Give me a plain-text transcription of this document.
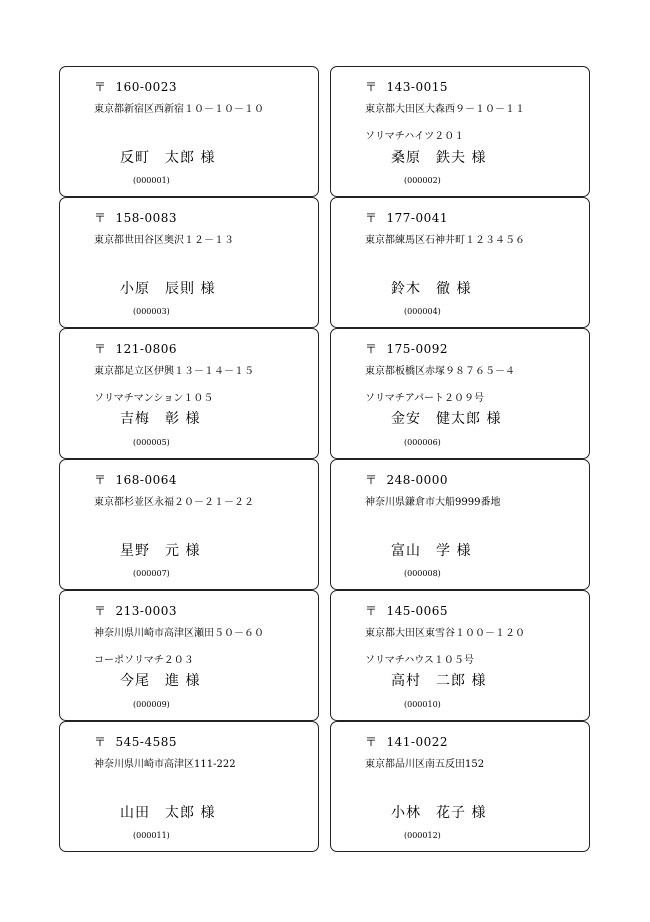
〒 160-0023
東京都新宿区西新宿１０－１０－１０
反町　太郎 様
(000001)
〒 143-0015
東京都大田区大森西９－１０－１１
ソリマチハイツ２０１
桑原　鉄夫 様
(000002)
〒 158-0083
東京都世田谷区奥沢１２－１３
小原　辰則 様
(000003)
〒 177-0041
東京都練馬区石神井町１２３４５６
鈴木　徹 様
(000004)
〒 121-0806
東京都足立区伊興１３－１４－１５
ソリマチマンション１０５
吉梅　彰 様
(000005)
〒 175-0092
東京都板橋区赤塚９８７６５－４
ソリマチアパート２０９号
金安　健太郎 様
(000006)
〒 168-0064
東京都杉並区永福２０－２１－２２
星野　元 様
(000007)
〒 248-0000
神奈川県鎌倉市大船9999番地
富山　学 様
(000008)
〒 213-0003
神奈川県川崎市高津区瀬田５０－６０
コーポソリマチ２０３
今尾　進 様
(000009)
〒 145-0065
東京都大田区東雪谷１００－１２０
ソリマチハウス１０５号
高村　二郎 様
(000010)
〒 545-4585
神奈川県川崎市高津区111-222
山田　太郎 様
(000011)
〒 141-0022
東京都品川区南五反田152
小林　花子 様
(000012)
